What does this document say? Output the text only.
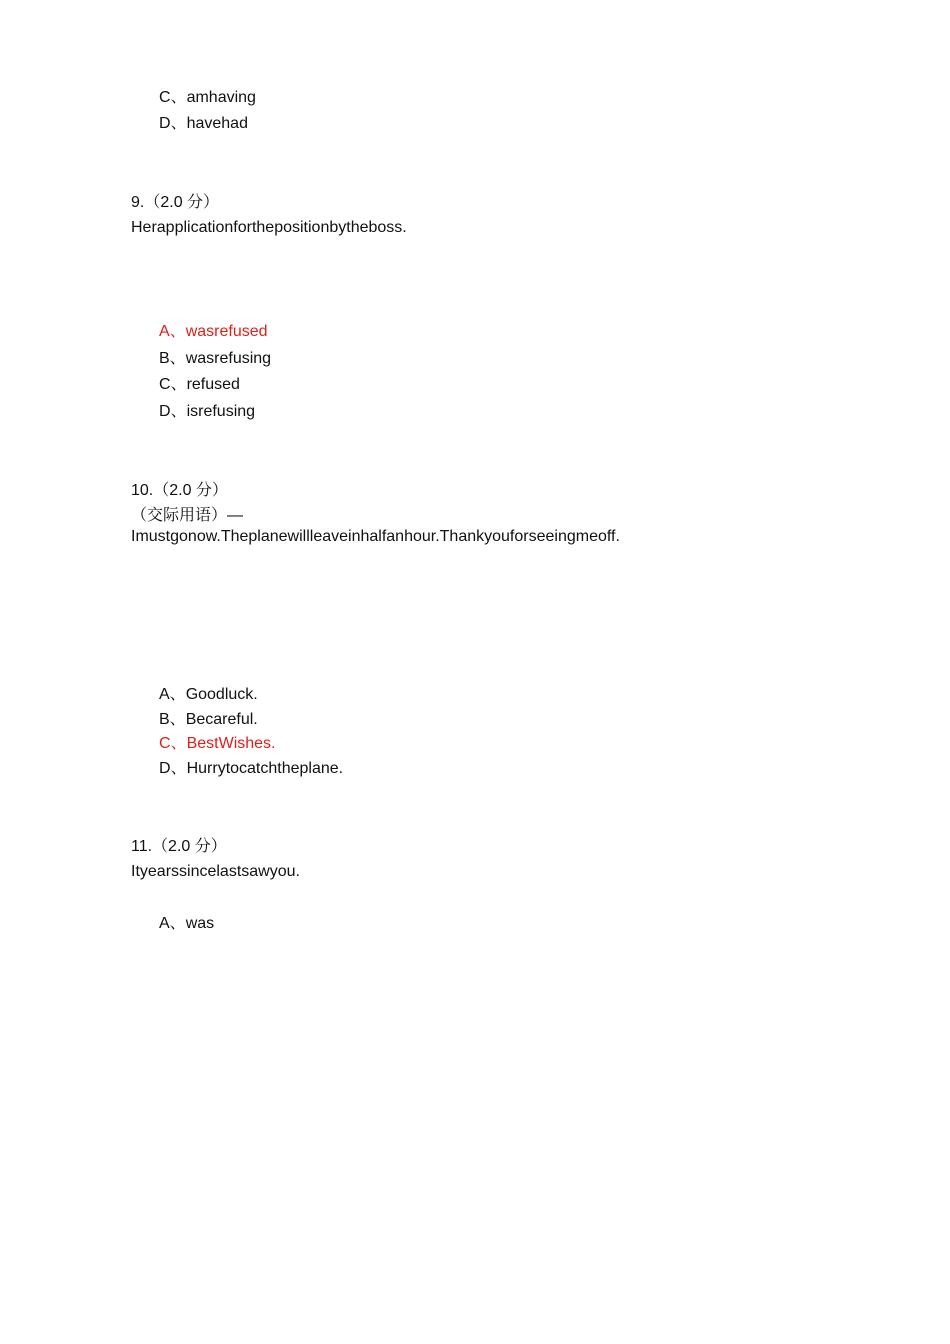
C、amhaving
D、havehad
9.（2.0 分）
Herapplicationforthepositionbytheboss.
A、wasrefused
B、wasrefusing
C、refused
D、isrefusing
10.（2.0 分）
（交际用语）—
Imustgonow.Theplanewillleaveinhalfanhour.Thankyouforseeingmeoff.
A、Goodluck.
B、Becareful.
C、BestWishes.
D、Hurrytocatchtheplane.
11.（2.0 分）
Ityearssincelastsawyou.
A、was
